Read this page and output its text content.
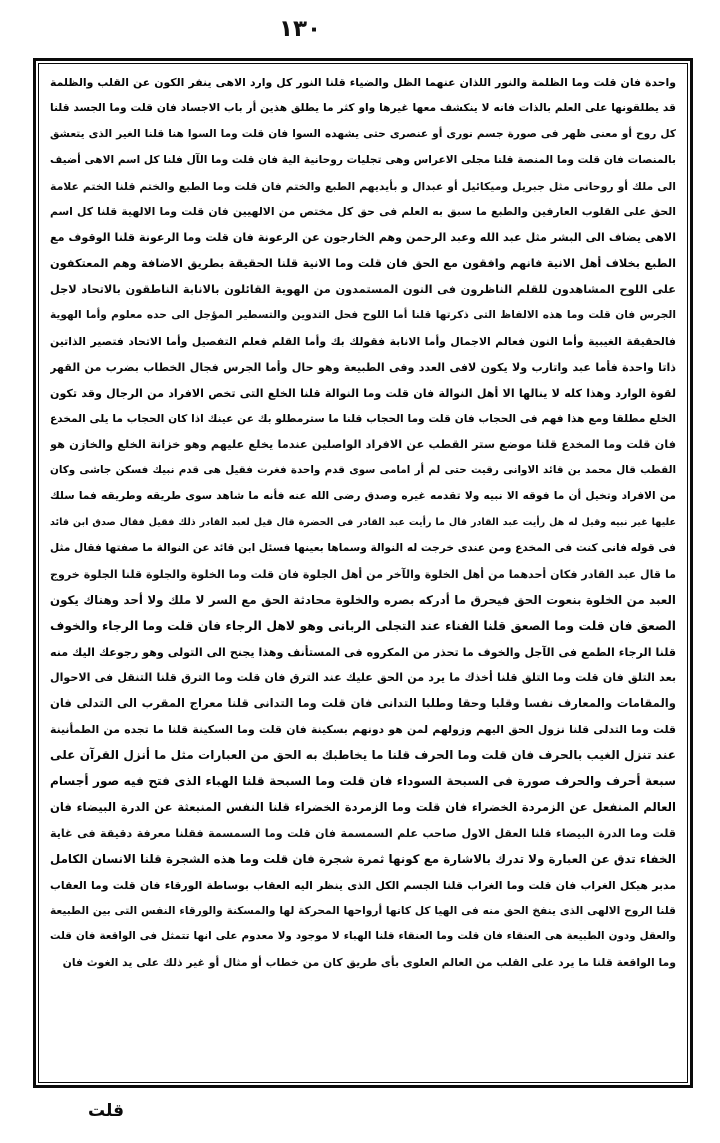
١٣٠
واحدة فان قلت وما الظلمة والنور اللذان عنهما الظل والضياء قلنا النور كل وارد الاهى ينفر الكون عن القلب والظلمة
قد يطلقونها على العلم بالذات فانه لا ينكشف معها غيرها واو كثر ما يطلق هذين أر باب الاجساد فان قلت وما الجسد قلنا
كل روح أو معنى ظهر فى صورة جسم نورى أو عنصرى حتى يشهده السوا فان قلت وما السوا هنا قلنا الغير الذى يتعشق
بالمنصات فان قلت وما المنصة قلنا مجلى الاعراس وهى تجليات روحانية الية فان قلت وما الآل فلنا كل اسم الاهى أضيف
الى ملك أو روحانى مثل جبريل وميكائيل أو عبدال و بأيديهم الطبع والختم فان قلت وما الطبع والختم قلنا الختم علامة
الحق على القلوب العارفين والطبع ما سبق به العلم فى حق كل مختص من الالهيين فان قلت وما الالهية قلنا كل اسم
الاهى يضاف الى البشر مثل عبد الله وعبد الرحمن وهم الخارجون عن الرعونة فان قلت وما الرعونة قلنا الوقوف مع
الطبع بخلاف أهل الانية فانهم وافقون مع الحق فان قلت وما الانية قلنا الحقيقة بطريق الاضافة وهم المعتكفون
على اللوح المشاهدون للقلم الناظرون فى النون المستمدون من الهوية القائلون بالانابة الناطقون بالاتحاد لاجل
الجرس فان قلت وما هذه الالفاظ التى ذكرتها قلنا أما اللوح فحل التدوين والتسطير المؤجل الى حده معلوم وأما الهوية
فالحقيقة الغيبية وأما النون فعالم الاجمال وأما الانابة فقولك بك وأما القلم فعلم التفصيل وأما الاتحاد فتصير الذاتين
ذاتا واحدة فأما عبد واتارب ولا يكون لافى العدد وفى الطبيعة وهو حال وأما الجرس فجال الخطاب بضرب من القهر
لقوة الوارد وهذا كله لا ينالها الا أهل النوالة فان قلت وما النوالة قلنا الخلع التى تخص الافراد من الرجال وقد تكون
الخلع مطلقا ومع هذا فهم فى الحجاب فان قلت وما الحجاب قلنا ما سترمطلو بك عن عينك اذا كان الحجاب ما يلى المخدع
فان قلت وما المخدع قلنا موضع ستر القطب عن الافراد الواصلين عندما يخلع عليهم وهو خزانة الخلع والخازن هو
القطب قال محمد بن قائد الاوانى رقيت حتى لم أر امامى سوى قدم واحدة فغرت فقيل هى قدم نبيك فسكن جاشى وكان
من الافراد وتخيل أن ما فوقه الا نبيه ولا تقدمه غيره وصدق رضى الله عنه فأنه ما شاهد سوى طريقه وطريقه فما سلك
عليها غير نبيه وقيل له هل رأيت عبد القادر قال ما رأيت عبد القادر فى الحضرة قال قيل لعبد القادر ذلك فقيل فقال صدق ابن قائد
فى قوله فانى كنت فى المخدع ومن عندى خرجت له النوالة وسماها بعينها فسئل ابن قائد عن النوالة ما صفتها فقال مثل
ما قال عبد القادر فكان أحدهما من أهل الخلوة والآخر من أهل الجلوة فان قلت وما الخلوة والجلوة قلنا الجلوة خروج
العبد من الخلوة بنعوت الحق فيحرق ما أدركه بصره والخلوة محادثة الحق مع السر لا ملك ولا أحد وهناك يكون
الصعق فان قلت وما الصعق قلنا الفناء عند التجلى الربانى وهو لاهل الرجاء فان قلت وما الرجاء والخوف
قلنا الرجاء الطمع فى الآجل والخوف ما تحذر من المكروه فى المستأنف وهذا يجنح الى التولى وهو رجوعك اليك منه
بعد التلق فان قلت وما التلق قلنا أخذك ما يرد من الحق عليك عند الترق فان قلت وما الترق قلنا التنقل فى الاحوال
والمقامات والمعارف نفسا وقلبا وحقا وطلبا التدانى فان قلت وما التدانى قلنا معراج المقرب الى التدلى فان
قلت وما التدلى قلنا نزول الحق اليهم وزولهم لمن هو دونهم بسكينة فان قلت وما السكينة قلنا ما تجده من الطمأنينة
عند تنزل الغيب بالحرف فان قلت وما الحرف قلنا ما يخاطبك به الحق من العبارات مثل ما أنزل القرآن على
سبعة أحرف والحرف صورة فى السبحة السوداء فان قلت وما السبحة قلنا الهباء الذى فتح فيه صور أجسام
العالم المنفعل عن الزمردة الخضراء فان قلت وما الزمردة الخضراء قلنا النفس المنبعثة عن الدرة البيضاء فان
قلت وما الدرة البيضاء قلنا العقل الاول صاحب علم السمسمة فان قلت وما السمسمة فقلنا معرفة دقيقة فى غاية
الخفاء تدق عن العبارة ولا تدرك بالاشارة مع كونها ثمرة شجرة فان قلت وما هذه الشجرة قلنا الانسان الكامل
مدبر هيكل الغراب فان قلت وما الغراب قلنا الجسم الكل الذى ينظر اليه العقاب بوساطة الورقاء فان قلت وما العقاب
قلنا الروح الالهى الذى ينفخ الحق منه فى الهيا كل كانها أرواحها المحركة لها والمسكنة والورقاء النفس التى بين الطبيعة
والعقل ودون الطبيعة هى العنقاء فان قلت وما العنقاء قلنا الهباء لا موجود ولا معدوم على انها تتمثل فى الواقعة فان قلت
وما الواقعة قلنا ما يرد على القلب من العالم العلوى بأى طريق كان من خطاب أو مثال أو غير ذلك على يد الغوث فان
قلت
